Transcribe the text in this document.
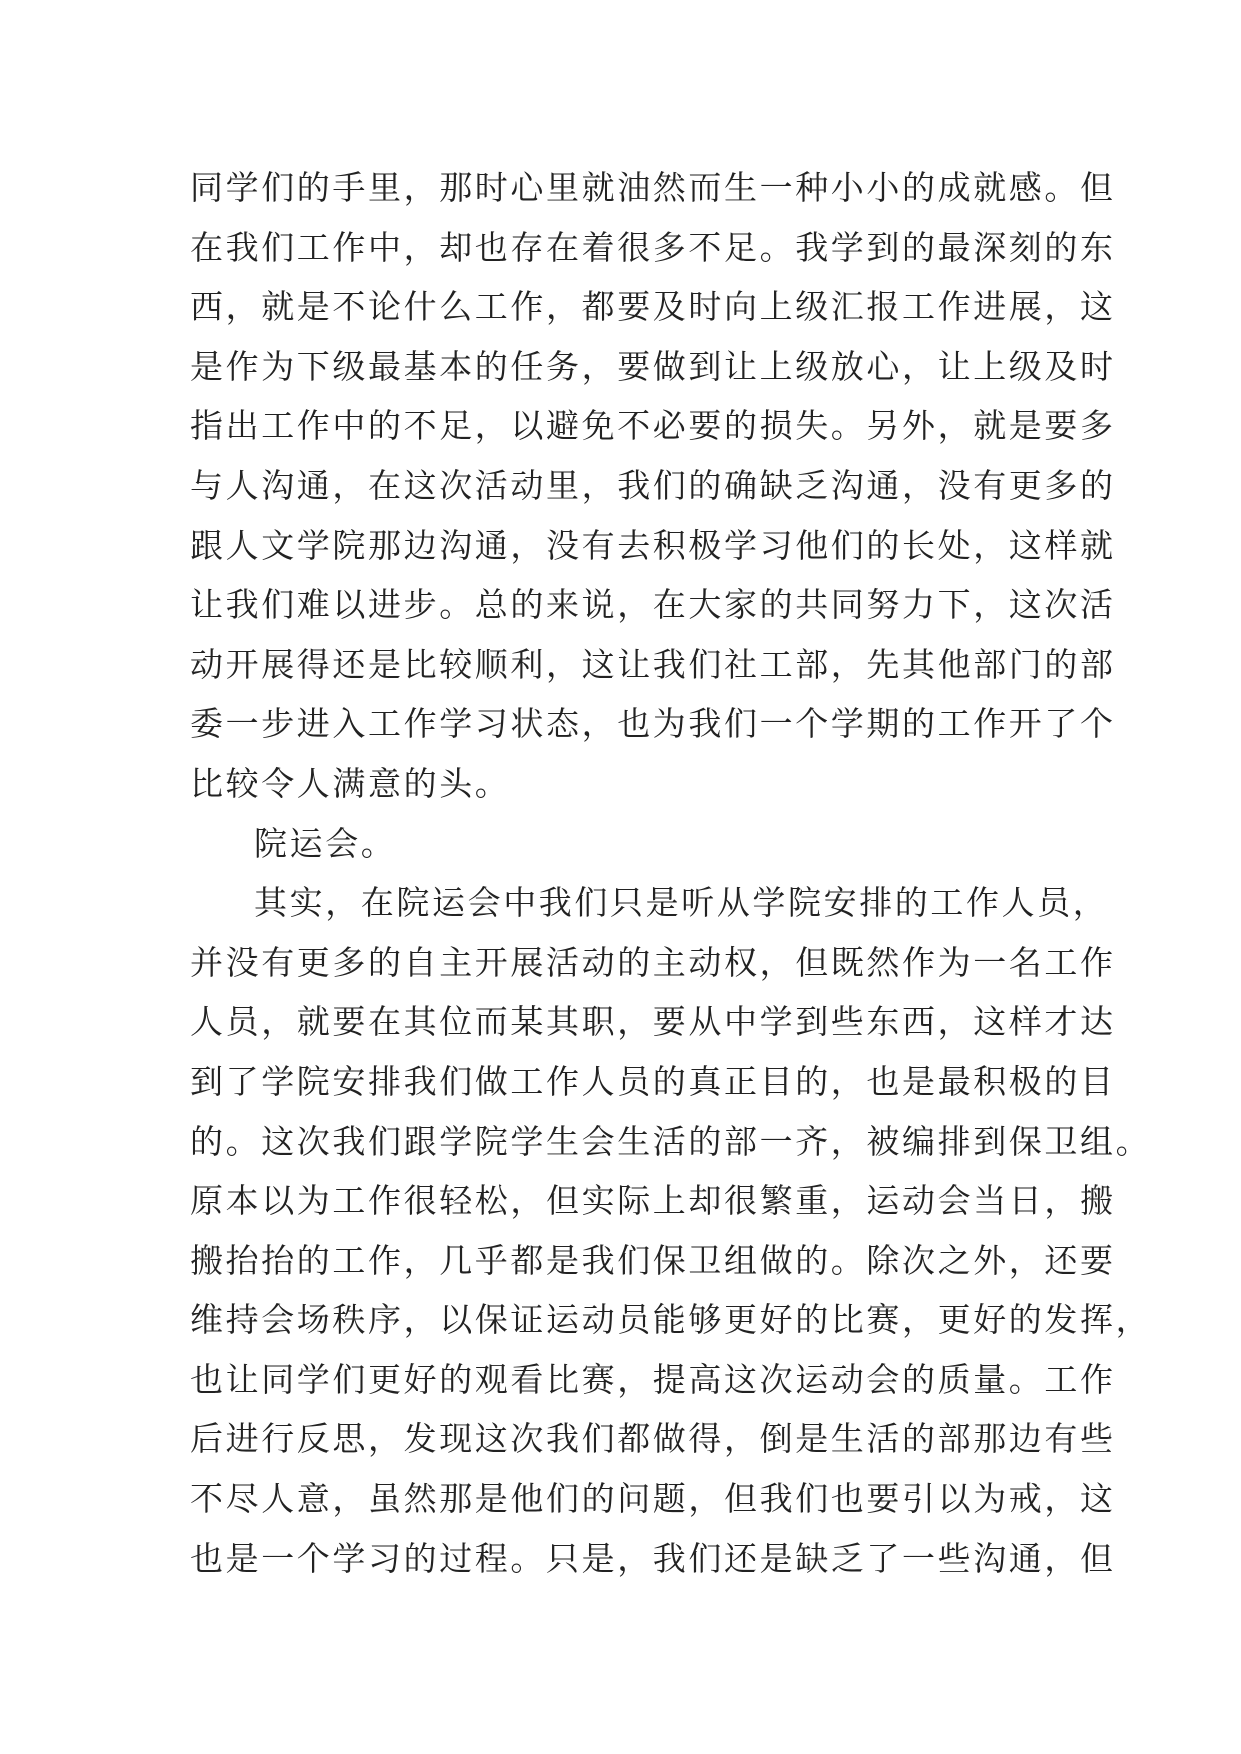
同学们的手里，那时心里就油然而生一种小小的成就感。但
在我们工作中，却也存在着很多不足。我学到的最深刻的东
西，就是不论什么工作，都要及时向上级汇报工作进展，这
是作为下级最基本的任务，要做到让上级放心，让上级及时
指出工作中的不足，以避免不必要的损失。另外，就是要多
与人沟通，在这次活动里，我们的确缺乏沟通，没有更多的
跟人文学院那边沟通，没有去积极学习他们的长处，这样就
让我们难以进步。总的来说，在大家的共同努力下，这次活
动开展得还是比较顺利，这让我们社工部，先其他部门的部
委一步进入工作学习状态，也为我们一个学期的工作开了个
比较令人满意的头。
院运会。
其实，在院运会中我们只是听从学院安排的工作人员，
并没有更多的自主开展活动的主动权，但既然作为一名工作
人员，就要在其位而某其职，要从中学到些东西，这样才达
到了学院安排我们做工作人员的真正目的，也是最积极的目
的。这次我们跟学院学生会生活的部一齐，被编排到保卫组。
原本以为工作很轻松，但实际上却很繁重，运动会当日，搬
搬抬抬的工作，几乎都是我们保卫组做的。除次之外，还要
维持会场秩序，以保证运动员能够更好的比赛，更好的发挥，
也让同学们更好的观看比赛，提高这次运动会的质量。工作
后进行反思，发现这次我们都做得，倒是生活的部那边有些
不尽人意，虽然那是他们的问题，但我们也要引以为戒，这
也是一个学习的过程。只是，我们还是缺乏了一些沟通，但
